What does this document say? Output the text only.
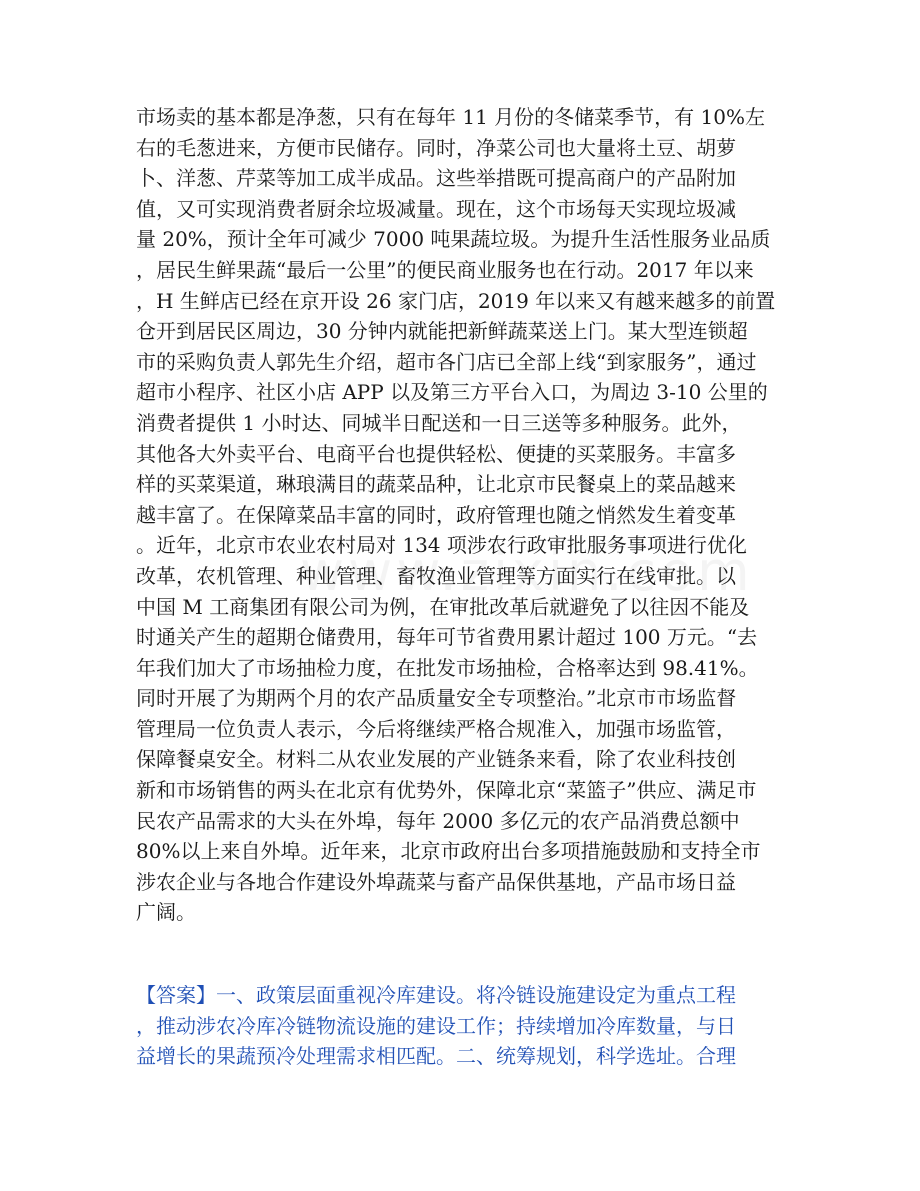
市场卖的基本都是净葱，只有在每年 11 月份的冬储菜季节，有 10%左
右的毛葱进来，方便市民储存。同时，净菜公司也大量将土豆、胡萝
卜、洋葱、芹菜等加工成半成品。这些举措既可提高商户的产品附加
值，又可实现消费者厨余垃圾减量。现在，这个市场每天实现垃圾减
量 20%，预计全年可减少 7000 吨果蔬垃圾。为提升生活性服务业品质
，居民生鲜果蔬“最后一公里”的便民商业服务也在行动。2017 年以来
，H 生鲜店已经在京开设 26 家门店，2019 年以来又有越来越多的前置
仓开到居民区周边，30 分钟内就能把新鲜蔬菜送上门。某大型连锁超
市的采购负责人郭先生介绍，超市各门店已全部上线“到家服务”，通过
超市小程序、社区小店 APP 以及第三方平台入口，为周边 3-10 公里的
消费者提供 1 小时达、同城半日配送和一日三送等多种服务。此外，
其他各大外卖平台、电商平台也提供轻松、便捷的买菜服务。丰富多
样的买菜渠道，琳琅满目的蔬菜品种，让北京市民餐桌上的菜品越来
越丰富了。在保障菜品丰富的同时，政府管理也随之悄然发生着变革
。近年，北京市农业农村局对 134 项涉农行政审批服务事项进行优化
改革，农机管理、种业管理、畜牧渔业管理等方面实行在线审批。以
中国 M 工商集团有限公司为例，在审批改革后就避免了以往因不能及
时通关产生的超期仓储费用，每年可节省费用累计超过 100 万元。“去
年我们加大了市场抽检力度，在批发市场抽检，合格率达到 98.41%。
同时开展了为期两个月的农产品质量安全专项整治。”北京市市场监督
管理局一位负责人表示，今后将继续严格合规准入，加强市场监管，
保障餐桌安全。材料二从农业发展的产业链条来看，除了农业科技创
新和市场销售的两头在北京有优势外，保障北京“菜篮子”供应、满足市
民农产品需求的大头在外埠，每年 2000 多亿元的农产品消费总额中
80%以上来自外埠。近年来，北京市政府出台多项措施鼓励和支持全市
涉农企业与各地合作建设外埠蔬菜与畜产品保供基地，产品市场日益
广阔。
【答案】一、政策层面重视冷库建设。将冷链设施建设定为重点工程
，推动涉农冷库冷链物流设施的建设工作；持续增加冷库数量，与日
益增长的果蔬预冷处理需求相匹配。二、统筹规划，科学选址。合理
